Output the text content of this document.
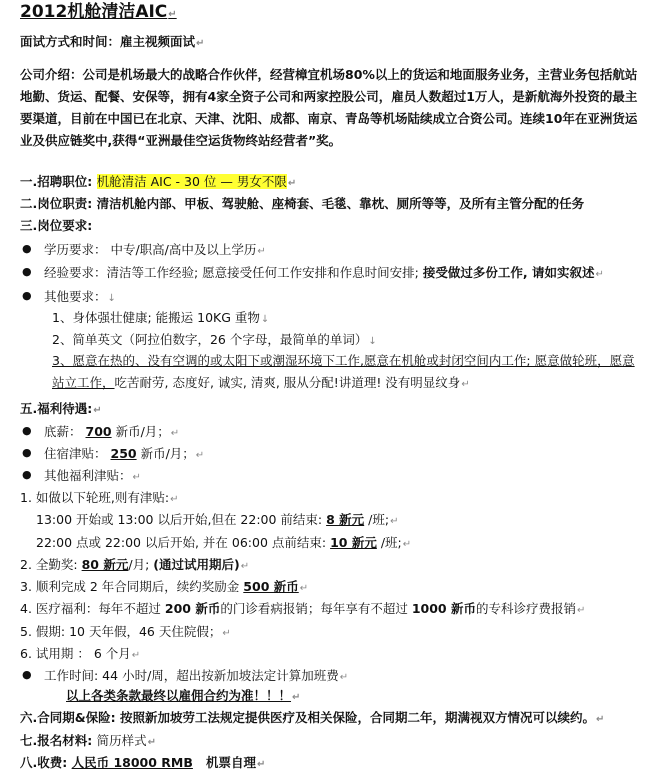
2012机舱清洁AIC↵
面试方式和时间：雇主视频面试↵
公司介绍：公司是机场最大的战略合作伙伴，经营樟宜机场80%以上的货运和地面服务业务，主营业务包括航站地勤、货运、配餐、安保等，拥有4家全资子公司和两家控股公司，雇员人数超过1万人，是新航海外投资的最主要渠道，目前在中国已在北京、天津、沈阳、成都、南京、青岛等机场陆续成立合资公司。连续10年在亚洲货运业及供应链奖中,获得“亚洲最佳空运货物终站经营者”奖。
一.招聘职位: 机舱清洁 AIC - 30 位 — 男女不限↵
二.岗位职责: 清洁机舱内部、甲板、驾驶舱、座椅套、毛毯、靠枕、厕所等等，及所有主管分配的任务
三.岗位要求:
● 学历要求： 中专/职高/高中及以上学历↵
● 经验要求：清洁等工作经验; 愿意接受任何工作安排和作息时间安排; 接受做过多份工作, 请如实叙述↵
● 其他要求：↓
1、身体强壮健康; 能搬运 10KG 重物↓
2、简单英文（阿拉伯数字，26 个字母，最简单的单词）↓
3、愿意在热的、没有空调的或太阳下或潮湿环境下工作,愿意在机舱或封闭空间内工作; 愿意做轮班，愿意站立工作，吃苦耐劳, 态度好, 诚实, 清爽, 服从分配!讲道理! 没有明显纹身↵
五.福利待遇:↵
● 底薪： 700 新币/月；↵
● 住宿津贴： 250 新币/月；↵
● 其他福利津贴：↵
1. 如做以下轮班,则有津贴:↵
13:00 开始或 13:00 以后开始,但在 22:00 前结束: 8 新元 /班;↵
22:00 点或 22:00 以后开始, 并在 06:00 点前结束: 10 新元 /班;↵
2. 全勤奖: 80 新元/月; (通过试用期后)↵
3. 顺利完成 2 年合同期后，续约奖励金 500 新币↵
4. 医疗福利：每年不超过 200 新币的门诊看病报销；每年享有不超过 1000 新币的专科诊疗费报销↵
5. 假期: 10 天年假，46 天住院假；↵
6. 试用期 ： 6 个月↵
● 工作时间: 44 小时/周，超出按新加坡法定计算加班费↵
以上各类条款最终以雇佣合约为准！！！↵
六.合同期&保险: 按照新加坡劳工法规定提供医疗及相关保险，合同期二年，期满视双方情况可以续约。↵
七.报名材料: 简历样式↵
八.收费: 人民币 18000 RMB 机票自理↵
